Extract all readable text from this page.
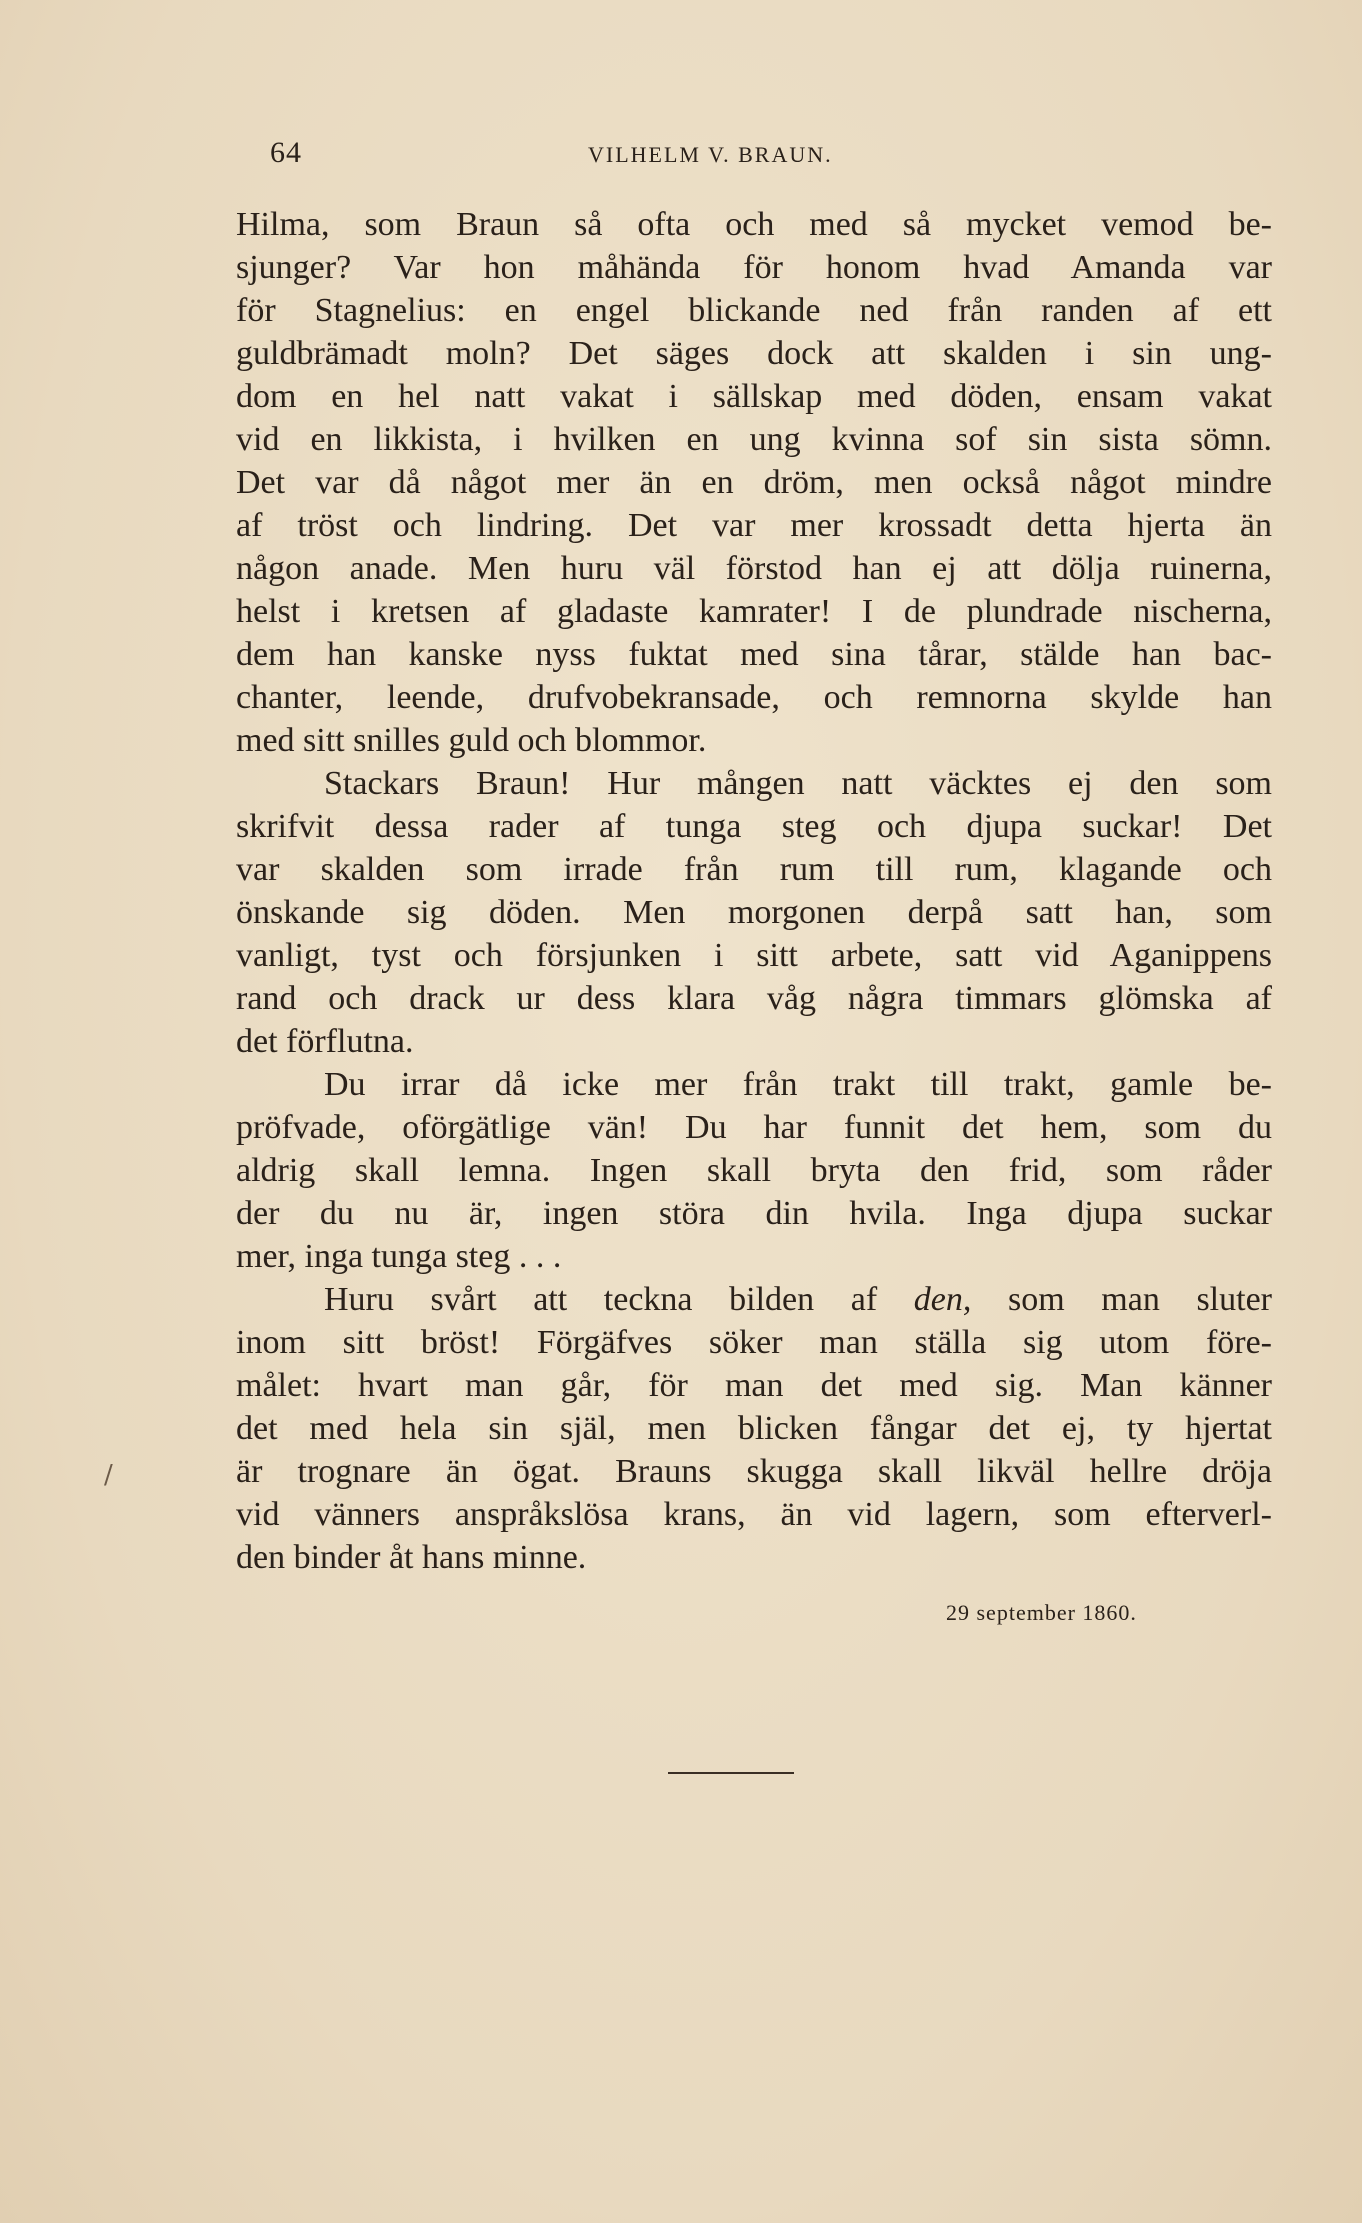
64	VILHELM V. BRAUN.
Hilma, som Braun så ofta och med så mycket vemod be-
sjunger? Var hon måhända för honom hvad Amanda var
för Stagnelius: en engel blickande ned från randen af ett
guldbrämadt moln? Det säges dock att skalden i sin ung-
dom en hel natt vakat i sällskap med döden, ensam vakat
vid en likkista, i hvilken en ung kvinna sof sin sista sömn.
Det var då något mer än en dröm, men också något mindre
af tröst och lindring. Det var mer krossadt detta hjerta än
någon anade. Men huru väl förstod han ej att dölja ruinerna,
helst i kretsen af gladaste kamrater! I de plundrade nischerna,
dem han kanske nyss fuktat med sina tårar, stälde han bac-
chanter, leende, drufvobekransade, och remnorna skylde han
med sitt snilles guld och blommor.
Stackars Braun! Hur mången natt väcktes ej den som
skrifvit dessa rader af tunga steg och djupa suckar! Det
var skalden som irrade från rum till rum, klagande och
önskande sig döden. Men morgonen derpå satt han, som
vanligt, tyst och försjunken i sitt arbete, satt vid Aganippens
rand och drack ur dess klara våg några timmars glömska af
det förflutna.
Du irrar då icke mer från trakt till trakt, gamle be-
pröfvade, oförgätlige vän! Du har funnit det hem, som du
aldrig skall lemna. Ingen skall bryta den frid, som råder
der du nu är, ingen störa din hvila. Inga djupa suckar
mer, inga tunga steg . . .
Huru svårt att teckna bilden af den, som man sluter
inom sitt bröst! Förgäfves söker man ställa sig utom före-
målet: hvart man går, för man det med sig. Man känner
det med hela sin själ, men blicken fångar det ej, ty hjertat
är trognare än ögat. Brauns skugga skall likväl hellre dröja
vid vänners anspråkslösa krans, än vid lagern, som efterverl-
den binder åt hans minne.
29 september 1860.
/
